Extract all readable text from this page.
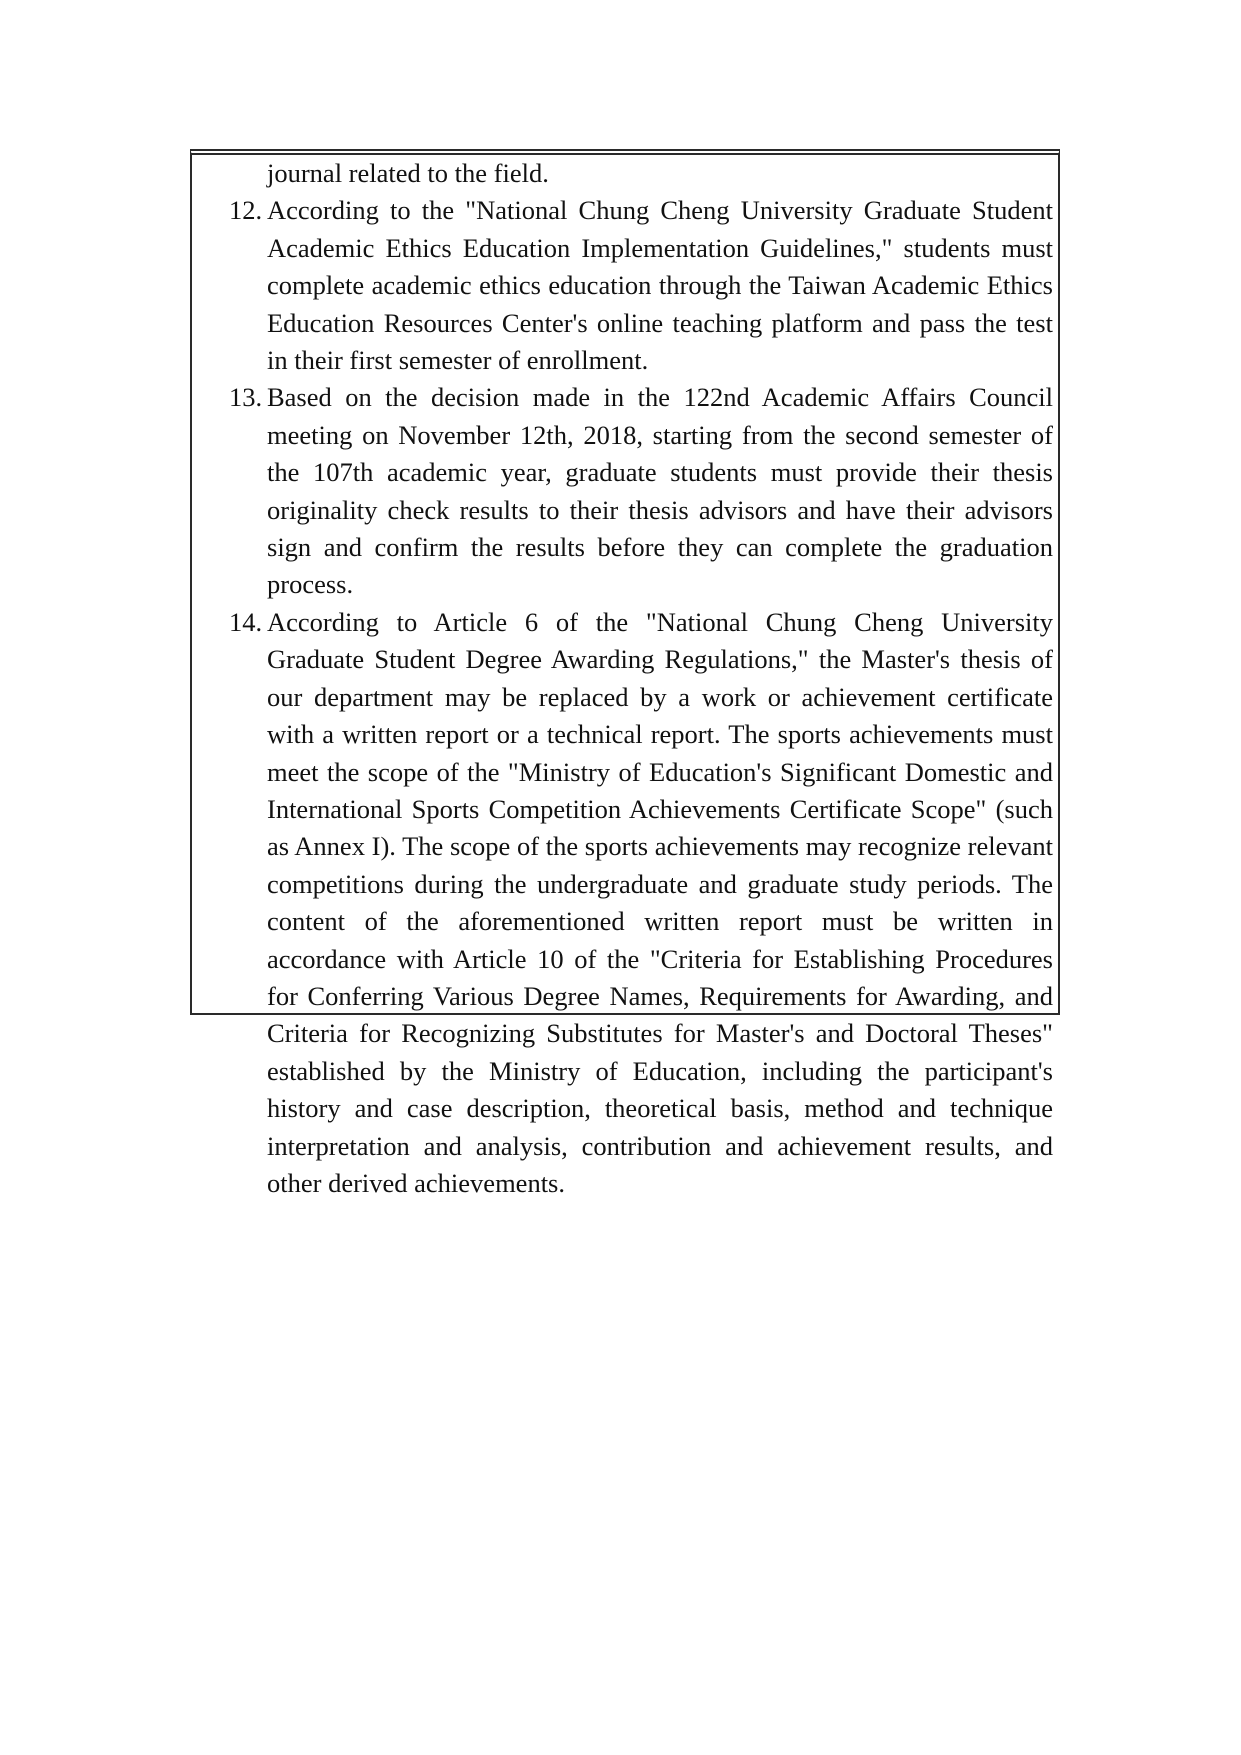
journal related to the field.
12. According to the "National Chung Cheng University Graduate Student Academic Ethics Education Implementation Guidelines," students must complete academic ethics education through the Taiwan Academic Ethics Education Resources Center's online teaching platform and pass the test in their first semester of enrollment.
13. Based on the decision made in the 122nd Academic Affairs Council meeting on November 12th, 2018, starting from the second semester of the 107th academic year, graduate students must provide their thesis originality check results to their thesis advisors and have their advisors sign and confirm the results before they can complete the graduation process.
14. According to Article 6 of the "National Chung Cheng University Graduate Student Degree Awarding Regulations," the Master's thesis of our department may be replaced by a work or achievement certificate with a written report or a technical report. The sports achievements must meet the scope of the "Ministry of Education's Significant Domestic and International Sports Competition Achievements Certificate Scope" (such as Annex I). The scope of the sports achievements may recognize relevant competitions during the undergraduate and graduate study periods. The content of the aforementioned written report must be written in accordance with Article 10 of the "Criteria for Establishing Procedures for Conferring Various Degree Names, Requirements for Awarding, and Criteria for Recognizing Substitutes for Master's and Doctoral Theses" established by the Ministry of Education, including the participant's history and case description, theoretical basis, method and technique interpretation and analysis, contribution and achievement results, and other derived achievements.
